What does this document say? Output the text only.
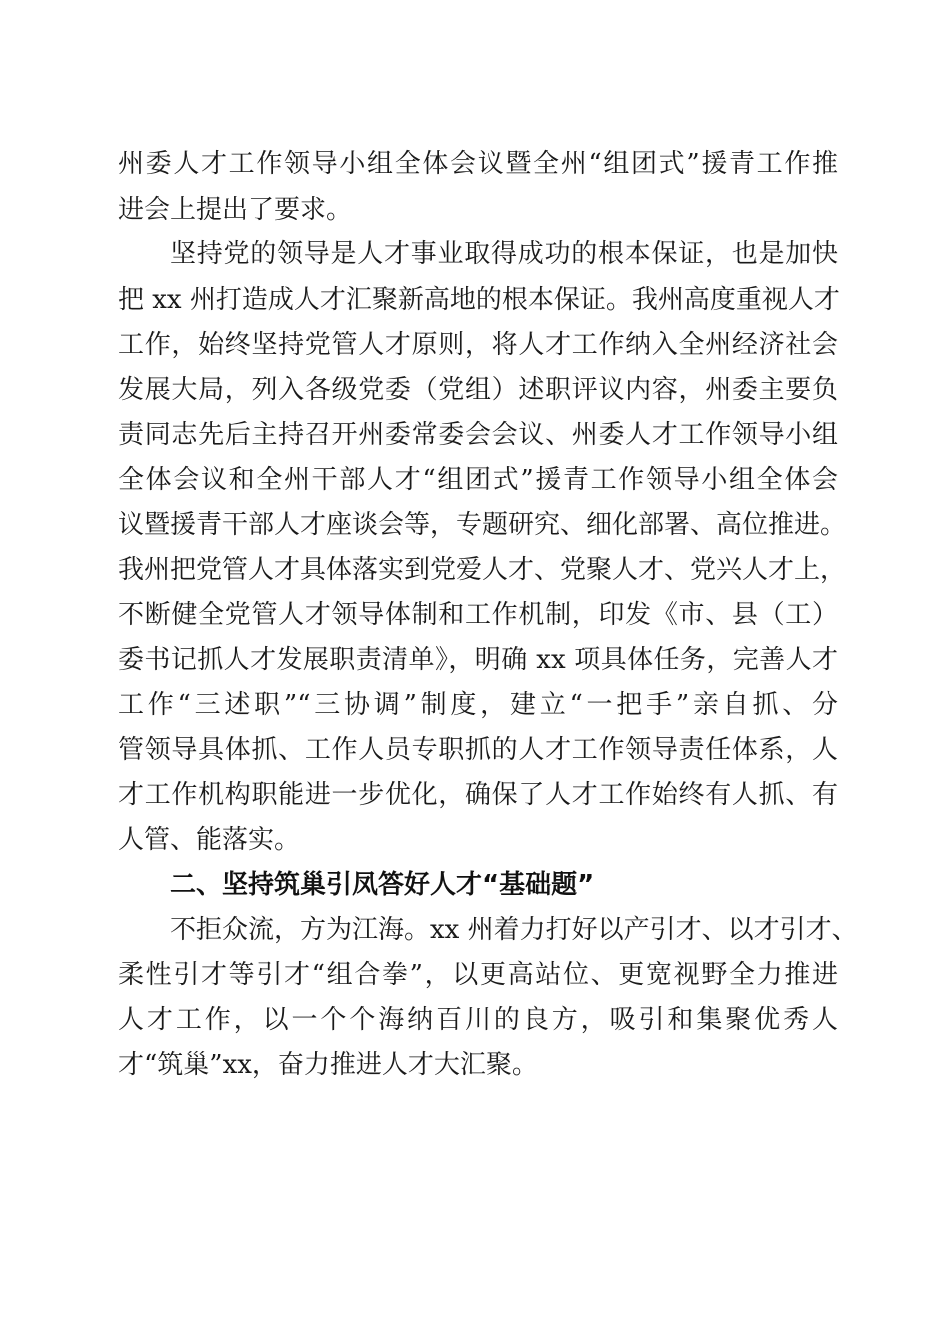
州委人才工作领导小组全体会议暨全州“组团式”援青工作推
进会上提出了要求。
坚持党的领导是人才事业取得成功的根本保证，也是加快
把 xx 州打造成人才汇聚新高地的根本保证。我州高度重视人才
工作，始终坚持党管人才原则，将人才工作纳入全州经济社会
发展大局，列入各级党委（党组）述职评议内容，州委主要负
责同志先后主持召开州委常委会会议、州委人才工作领导小组
全体会议和全州干部人才“组团式”援青工作领导小组全体会
议暨援青干部人才座谈会等，专题研究、细化部署、高位推进。
我州把党管人才具体落实到党爱人才、党聚人才、党兴人才上，
不断健全党管人才领导体制和工作机制，印发《市、县（工）
委书记抓人才发展职责清单》，明确 xx 项具体任务，完善人才
工作“三述职”“三协调”制度，建立“一把手”亲自抓、分
管领导具体抓、工作人员专职抓的人才工作领导责任体系，人
才工作机构职能进一步优化，确保了人才工作始终有人抓、有
人管、能落实。
二、坚持筑巢引凤答好人才“基础题”
不拒众流，方为江海。xx 州着力打好以产引才、以才引才、
柔性引才等引才“组合拳”，以更高站位、更宽视野全力推进
人才工作，以一个个海纳百川的良方，吸引和集聚优秀人
才“筑巢”xx，奋力推进人才大汇聚。
